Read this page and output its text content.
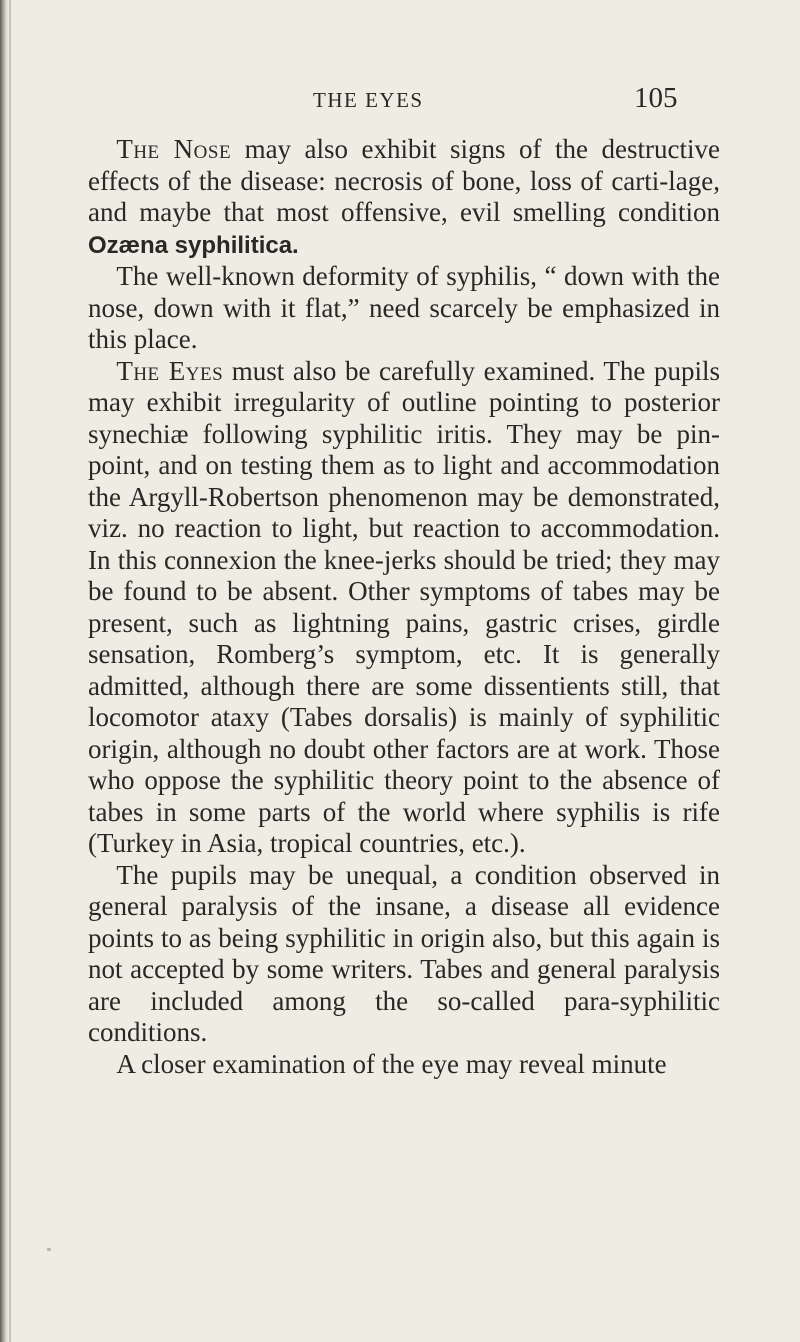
THE EYES	105

The Nose may also exhibit signs of the destructive effects of the disease: necrosis of bone, loss of carti-lage, and maybe that most offensive, evil smelling condition Ozæna syphilitica.

The well-known deformity of syphilis, “ down with the nose, down with it flat,” need scarcely be emphasized in this place.

The Eyes must also be carefully examined. The pupils may exhibit irregularity of outline pointing to posterior synechiæ following syphilitic iritis. They may be pin-point, and on testing them as to light and accommodation the Argyll-Robertson phenomenon may be demonstrated, viz. no reaction to light, but reaction to accommodation. In this connexion the knee-jerks should be tried; they may be found to be absent. Other symptoms of tabes may be present, such as lightning pains, gastric crises, girdle sensation, Romberg’s symptom, etc. It is generally admitted, although there are some dissentients still, that locomotor ataxy (Tabes dorsalis) is mainly of syphilitic origin, although no doubt other factors are at work. Those who oppose the syphilitic theory point to the absence of tabes in some parts of the world where syphilis is rife (Turkey in Asia, tropical countries, etc.).

The pupils may be unequal, a condition observed in general paralysis of the insane, a disease all evidence points to as being syphilitic in origin also, but this again is not accepted by some writers. Tabes and general paralysis are included among the so-called para-syphilitic conditions.

A closer examination of the eye may reveal minute
